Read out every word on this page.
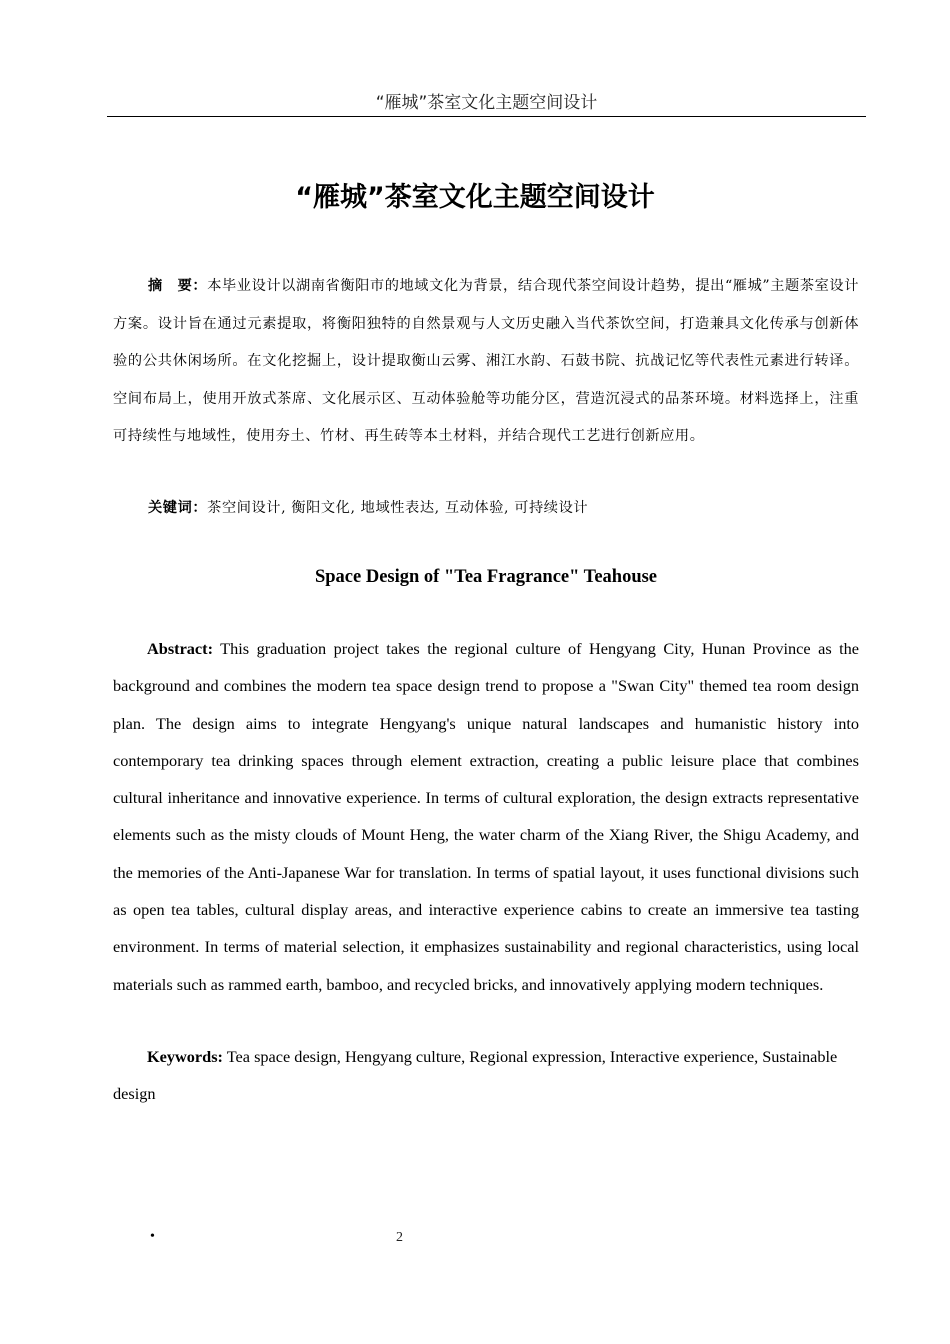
“雁城”茶室文化主题空间设计
“雁城”茶室文化主题空间设计

摘　要：本毕业设计以湖南省衡阳市的地域文化为背景，结合现代茶空间设计趋势，提出“雁城”主题茶室设计方案。设计旨在通过元素提取，将衡阳独特的自然景观与人文历史融入当代茶饮空间，打造兼具文化传承与创新体验的公共休闲场所。在文化挖掘上，设计提取衡山云雾、湘江水韵、石鼓书院、抗战记忆等代表性元素进行转译。空间布局上，使用开放式茶席、文化展示区、互动体验舱等功能分区，营造沉浸式的品茶环境。材料选择上，注重可持续性与地域性，使用夯土、竹材、再生砖等本土材料，并结合现代工艺进行创新应用。

关键词：茶空间设计, 衡阳文化, 地域性表达, 互动体验, 可持续设计

Space Design of "Tea Fragrance" Teahouse

Abstract: This graduation project takes the regional culture of Hengyang City, Hunan Province as the background and combines the modern tea space design trend to propose a "Swan City" themed tea room design plan. The design aims to integrate Hengyang's unique natural landscapes and humanistic history into contemporary tea drinking spaces through element extraction, creating a public leisure place that combines cultural inheritance and innovative experience. In terms of cultural exploration, the design extracts representative elements such as the misty clouds of Mount Heng, the water charm of the Xiang River, the Shigu Academy, and the memories of the Anti-Japanese War for translation. In terms of spatial layout, it uses functional divisions such as open tea tables, cultural display areas, and interactive experience cabins to create an immersive tea tasting environment. In terms of material selection, it emphasizes sustainability and regional characteristics, using local materials such as rammed earth, bamboo, and recycled bricks, and innovatively applying modern techniques.

Keywords: Tea space design, Hengyang culture, Regional expression, Interactive experience, Sustainable design

•	2
